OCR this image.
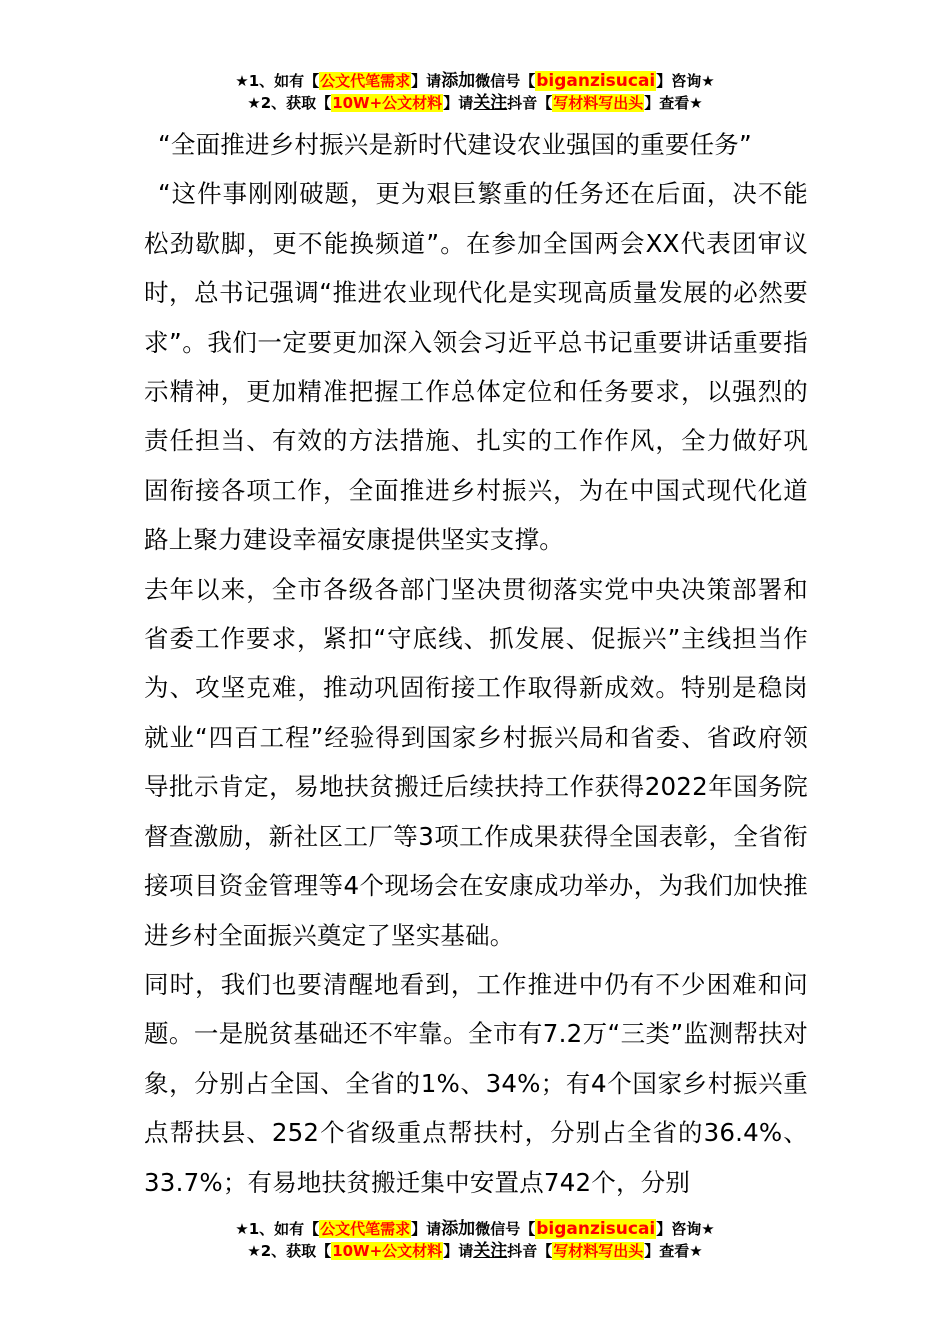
★1、如有【公文代笔需求】请添加微信号【biganzisucai】咨询★
★2、获取【10W+公文材料】请关注抖音【写材料写出头】查看★

“全面推进乡村振兴是新时代建设农业强国的重要任务”

“这件事刚刚破题，更为艰巨繁重的任务还在后面，决不能松劲歇脚，更不能换频道”。在参加全国两会XX代表团审议时，总书记强调“推进农业现代化是实现高质量发展的必然要求”。我们一定要更加深入领会习近平总书记重要讲话重要指示精神，更加精准把握工作总体定位和任务要求，以强烈的责任担当、有效的方法措施、扎实的工作作风，全力做好巩固衔接各项工作，全面推进乡村振兴，为在中国式现代化道路上聚力建设幸福安康提供坚实支撑。

去年以来，全市各级各部门坚决贯彻落实党中央决策部署和省委工作要求，紧扣“守底线、抓发展、促振兴”主线担当作为、攻坚克难，推动巩固衔接工作取得新成效。特别是稳岗就业“四百工程”经验得到国家乡村振兴局和省委、省政府领导批示肯定，易地扶贫搬迁后续扶持工作获得2022年国务院督查激励，新社区工厂等3项工作成果获得全国表彰，全省衔接项目资金管理等4个现场会在安康成功举办，为我们加快推进乡村全面振兴奠定了坚实基础。

同时，我们也要清醒地看到，工作推进中仍有不少困难和问题。一是脱贫基础还不牢靠。全市有7.2万“三类”监测帮扶对象，分别占全国、全省的1%、34%；有4个国家乡村振兴重点帮扶县、252个省级重点帮扶村，分别占全省的36.4%、33.7%；有易地扶贫搬迁集中安置点742个，分别

★1、如有【公文代笔需求】请添加微信号【biganzisucai】咨询★
★2、获取【10W+公文材料】请关注抖音【写材料写出头】查看★
